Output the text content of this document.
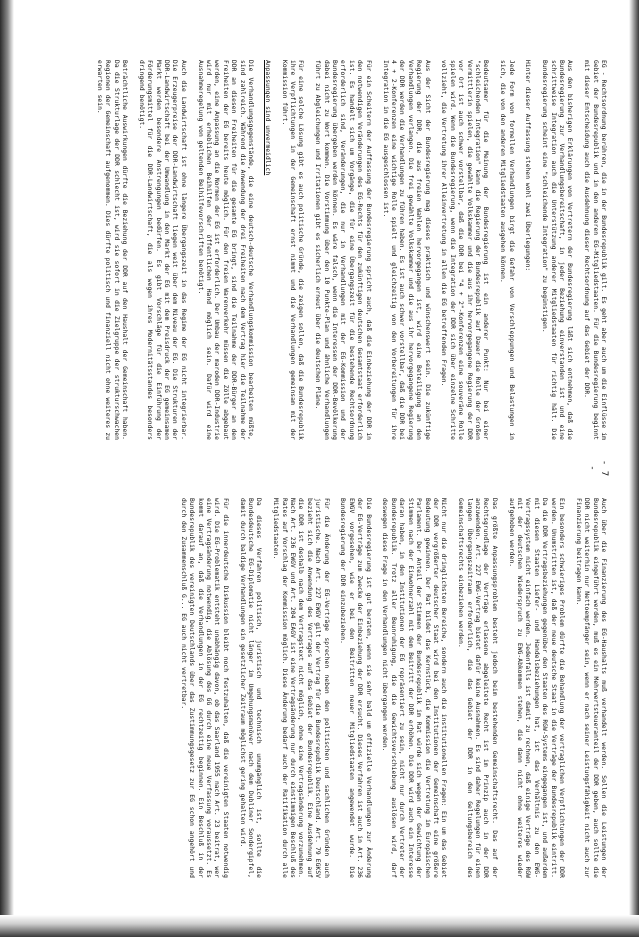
EG - Rechtsordnung berühren, die in der Bundesrepublik gilt. Es geht aber auch um die Einflüsse im Gebiet der Bundesrepublik und in den anderen EG-Mitgliedstaaten. Für die Bundesregierung beginnt mit dieser Entscheidung auch die Ausdehnung dieser Rechtsordnung auf das Gebiet der DDR.

Aus den bisherigen Erklärungen von Vertretern der Bundesregierung läßt sich entnehmen, daß die Bundesregierung zur Verhandlungsbereitschaft, in jeder Beziehung einverstanden ist und eine schrittweise Integration auch die Unterstützung anderer Mitgliedstaaten für richtig hält. Die Bundesregierung scheint eine "schleichende Integration" zu begünstigen.

Hinter dieser Auffassung stehen wohl zwei Überlegungen:

Jede Form von formellen Verhandlungen birgt die Gefahr von Verschleppungen und Belastungen in sich, die von den anderen Mitgliedstaaten ausgehen können.

Bedeutsamer für die Meinung der Bundesregierung ist ein anderer Punkt: Nur bei einer "schleichenden Integration" kann die Regierung der Bundesrepublik auf Dauer die Rolle der Großen Vermittlerin spielen, die gewählte Volkskammer und die aus ihr hervorgegangene Regierung der DDR vor Ort ist auch schwer vorstellbar, daß die DDR bei "4 + 2"-Konferenzen eine souveräne Rolle spielen wird. Wenn die Bundesregierung, wenn die Integration der DDR sich über einzelne Schritte vollzieht, die Vertretung ihrer Alleinvertretung in allen die EG betreffenden Fragen.

Aus der Sicht der Bundesregierung mag dieses praktisch und wünschenswert sein. Die zukünftige Regierung der DDR, die aus freien Wahlen hervorgegangen ist, wird eine Beteiligung an den Verhandlungen verlangen. Die frei gewählte Volkskammer und die aus ihr hervorgegangene Regierung der DDR werden die Verhandlungen zu führen haben. Es ist auch schwer vorstellbar, daß die DDR bei 4 + 2-Konferenzen eine wichtige Rolle spielt und gleichzeitig von den Vorbereitungen für ihre Integration in die EG ausgeschlossen ist.

Für ein Scheitern der Auffassung der Bundesregierung spricht auch, daß die Einbeziehung der DDR in den notwendigen Veränderungen des EG-Rechts für den zukünftigen deutschen Gesamtstaat erforderlich ist. Es handelt sich um Vorgänge, die für eine Übergangszeit für die bestehende Rechtsordnung erforderlich sind, Veränderungen, die nur in Verhandlungen mit der EG-Kommission und der Bundesregierung übergeben werden können. Es wäre falsch, wenn die Interessen der DDR-Bevölkerung dabei nicht zu Wort kommen. Die Vorstimmung über den 10 Punkte-Plan und ähnliche Verhandlungen führt zu Abgleichungen und Irritationen gibt es sicherlich erneut über die deutschen Pläne.

Für eine solche Lösung gibt es auch politische Gründe, die zeigen sollen, daß die Bundesrepublik ihre Verpflichtungen in der Gemeinschaft ernst nimmt und die Verhandlungen gemeinsam mit der Kommission führt.

Anpassungen sind unvermeidlich

Die Verhandlungsgegenstände, die eine deutsch-deutsche Verhandlungskommission bearbeiten müßte, sind zahlreich. Während die Anwendung der drei Freiheiten nach dem Vertrag hier die Teilnahme der DDR an diesen Freiheiten für die gesamte EG bringt, sind die Teilnahme der DDR-Bürger an den Freiheiten der EG bereits heute möglich. Für den freien Warenverkehr müssen die Zölle abgebaut werden, eine Anpassung an die Normen der EG ist erforderlich. Der Umbau der maroden DDR-Industrie wird nur mit erheblichen Beihilfen der öffentlichen Hand möglich sein. Dafür wird eine Ausnahmeregelung von geltenden Beihilfevorschriften benötigt.

Auch die Landwirtschaft ist ohne längere Übergangszeit in das Regime der EG nicht integrierbar. Die Erzeugerpreise der DDR-Landwirtschaft liegen weit über dem Niveau der EG. Die Strukturen der DDR-Landwirtschaft bei der Umwandlung in den Markt der EG mit dem Preisdruck der EG gemeinsamen Markt werden besondere Anstrengungen bedürfen. Es gibt Vorschläge für die Einführung der Förderungsmittel für die DDR-Landwirtschaft, die als wegen ihres Modernitätsstandes besonders dringend benötigt.

Beträchtliche Auswirkungen dürfte die Beziehung der DDR auf den Haushalt der Gemeinschaft haben. Da die Strukturlage der DDR schlecht ist, wird sie sofort in die Zielgruppe der strukturschwachen Regionen der Gemeinschaft aufgenommen. Dies dürfte politisch und finanziell nicht ohne weiteres zu erwarten sein.

Auch über die Finanzierung des EG-Haushalts muß verhandelt werden. Sollen die Leistungen der Bundesrepublik eingeführt werden, muß es ein Mehrwertsteueranteil der DDR geben, auch sollte die DDR nicht weiterhin nur Nettoempfänger sein, wenn er nach seiner Leistungsfähigkeit nicht auch zur Finanzierung beitragen kann.

Ein besonders schwieriges Problem dürfte die Behandlung der vertraglichen Verpflichtungen der DDR werden. Unumstritten ist, daß der neue deutsche Staat in die Verträge der Bundesrepublik eintritt. Da die DDR Vertragsbeziehungen gegenüber den Staaten des RGW-Systems eingegangen ist, und außerdem mit diesen Staaten Liefer- und Handelsbeziehungen hat, ist das Verhältnis zu den EWG-Vertragssystem nicht einfach werden. Jedenfalls ist damit zu rechnen, daß einige Verträge des RGW mit der deutschen Wiederspruch zu EWG-Abkommen stehen, die dann nicht ohne weiteres wieder aufgehoben werden.

Das größte Anpassungsproblem besteht jedoch beim bestehenden Gemeinschaftsrecht. Das auf der Rechtsgrundlage der Verträge erlassene abgeleitete Recht ist im Prinzip auch in der DDR anzuwenden. Art. 227 EWG-Vertrag bietet dafür keine Ausnahmen. Es sind daher Regelungen für einen langen Übergangszeitraum erforderlich, die das Gebiet der DDR in den Geltungsbereich des Gemeinschaftsrechts einbeziehen werden.

Nicht nur die dringlichsten Bereiche, sondern auch die institutionellen Fragen: Ein um das Gebiet der DDR vergrößerter deutscher Staat wird bei den Institutionen der Gemeinschaft eine größere Bedeutung gewinnen. Der Rat bildet das Kernstück, die Kommission die Vertretung im Europäischen Parlament. Der Anteil der Stimmen der Bundesrepublik im Rat würde sich wegen der Gewichtung der Stimmen nach der Einwohnerzahl mit dem Beitritt der DDR erhöhen. Die DDR wird auch ein Interesse daran haben, in den Institutionen der EG repräsentiert zu sein, nicht nur durch Vertreter der Bundesrepublik. Trotz aller Beunruhigung, die die Gewichtsverschiebung auslösen wird, darf deswegen diese Frage in den Verhandlungen nicht übergangen werden.

Die Bundesregierung ist gut beraten, wenn sie sehr bald um offizielle Verhandlungen zur Änderung der EG-Verträge zum Zwecke der Einbeziehung der DDR ersucht. Dieses Verfahren ist auch in Art. 236 EWGV vorgesehen, wie er bei den Beitritten neuer Mitgliedstaaten angewendet wurde. Die Bundesregierung der DDR einzubeziehen.

Für die Änderung der EG-Verträge sprechen neben den politischen und sachlichen Gründen auch juristische. Nach Art. 227 EWGV gilt der Vertrag für die Bundesrepublik Deutschland. Art. 79 EGKSV bezieht sich die Anwendung des Vertrages auf das Gebiet der Bundesrepublik. Eine Ausdehnung auf die DDR ist deshalb nach dem Vertragstext nicht möglich, ohne eine Vertragsänderung vorzunehmen. Nach Art. 236 EWGV und Art. 204 EAGV ist eine Vertragsänderung nur durch einstimmigen Beschluß des Rates auf Vorschlag der Kommission möglich. Diese Änderung bedarf auch der Ratifikation durch alle Mitgliedstaaten.

Da dieses Verfahren politisch, juristisch und technisch unumgänglich ist, sollte die Bundesdeutsche EG-Diplomatie nicht länger im Umgehungsmanöver nach dem Dubliner Sondergipfel, damit durch baldige Verhandlungen ein gesetzlicher Zeitraum möglichst gering gehalten wird.

Für die innerdeutsche Diskussion bleibt noch festzuhalten, daß die vereinigten Staaten notwendig wird. Die EG-Problematik entsteht unabhängig davon, ob das Saarland 1955 nach Art. 23 beitrat, wer eine Vertragsänderung notwendig, die Ablösung des GG durch eine neue Verfassung voraussetzt. Es kommt darauf an, daß die Verhandlungen in der EG rechtzeitig beginnen. Ein Beschluß in der Bundesrepublik des vereinigten Deutschlands über das Zustimmungsgesetz zur EG schon angehört und durch den Zusammenschluß G... EG auch nicht vertretbar.

- 7 -
